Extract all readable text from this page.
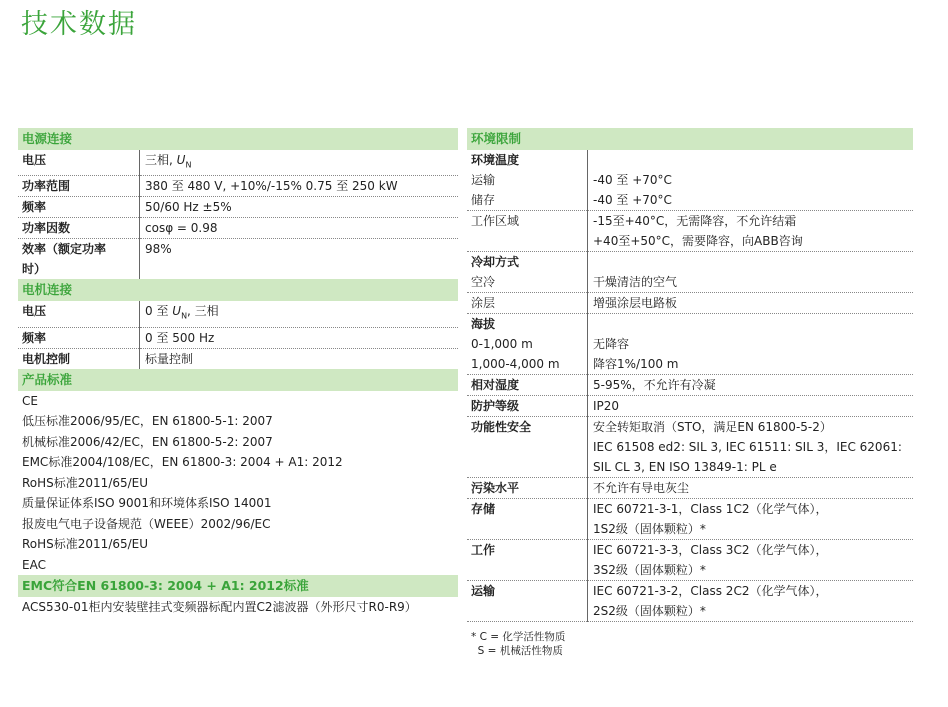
技术数据
电源连接
电压	三相, $U_N$
功率范围	380 至 480 V, +10%/-15% 0.75 至 250 kW
频率	50/60 Hz ±5%
功率因数	cosφ = 0.98
效率（额定功率
时）	98%
电机连接
电压	0 至 $U_N$, 三相
频率	0 至 500 Hz
电机控制	标量控制
产品标准
CE
低压标准2006/95/EC，EN 61800-5-1: 2007
机械标准2006/42/EC，EN 61800-5-2: 2007
EMC标准2004/108/EC，EN 61800-3: 2004 + A1: 2012
RoHS标准2011/65/EU
质量保证体系ISO 9001和环境体系ISO 14001
报废电气电子设备规范（WEEE）2002/96/EC
RoHS标准2011/65/EU
EAC
EMC符合EN 61800-3: 2004 + A1: 2012标准
ACS530-01柜内安装壁挂式变频器标配内置C2滤波器（外形尺寸R0-R9）
环境限制
环境温度	
运输	-40 至 +70°C
储存	-40 至 +70°C
工作区域	-15至+40°C，无需降容，不允许结霜
	+40至+50°C，需要降容，向ABB咨询
冷却方式	
空冷	干燥清洁的空气
涂层	增强涂层电路板
海拔	
0-1,000 m	无降容
1,000-4,000 m	降容1%/100 m
相对湿度	5-95%，不允许有冷凝
防护等级	IP20
功能性安全	安全转矩取消（STO，满足EN 61800-5-2）
	IEC 61508 ed2: SIL 3, IEC 61511: SIL 3，IEC 62061:
	SIL CL 3, EN ISO 13849-1: PL e
污染水平	不允许有导电灰尘
存储	IEC 60721-3-1，Class 1C2（化学气体），
	1S2级（固体颗粒）*
工作	IEC 60721-3-3，Class 3C2（化学气体），
	3S2级（固体颗粒）*
运输	IEC 60721-3-2，Class 2C2（化学气体），
	2S2级（固体颗粒）*
* C = 化学活性物质
S = 机械活性物质
